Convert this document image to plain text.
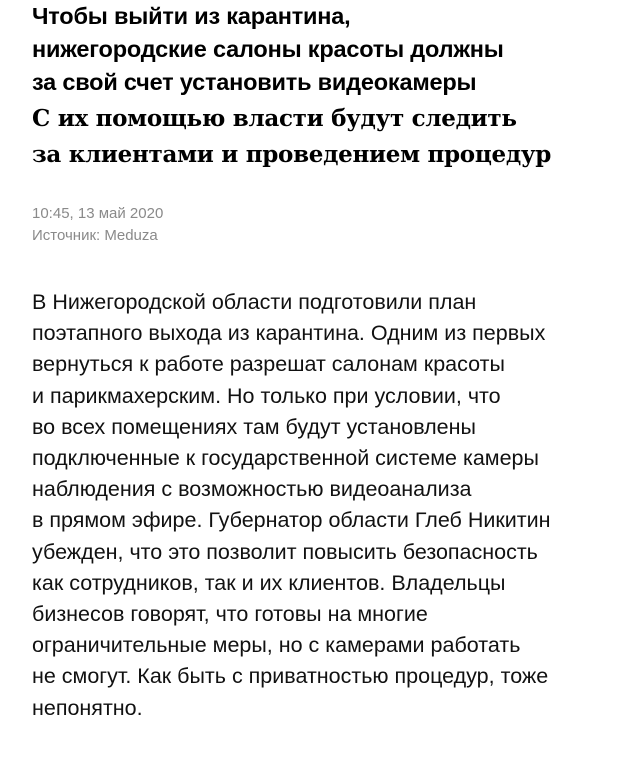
Чтобы выйти из карантина,
нижегородские салоны красоты должны
за свой счет установить видеокамеры
С их помощью власти будут следить
за клиентами и проведением процедур
10:45, 13 май 2020
Источник: Meduza

В Нижегородской области подготовили план
поэтапного выхода из карантина. Одним из первых
вернуться к работе разрешат салонам красоты
и парикмахерским. Но только при условии, что
во всех помещениях там будут установлены
подключенные к государственной системе камеры
наблюдения с возможностью видеоанализа
в прямом эфире. Губернатор области Глеб Никитин
убежден, что это позволит повысить безопасность
как сотрудников, так и их клиентов. Владельцы
бизнесов говорят, что готовы на многие
ограничительные меры, но с камерами работать
не смогут. Как быть с приватностью процедур, тоже
непонятно.
